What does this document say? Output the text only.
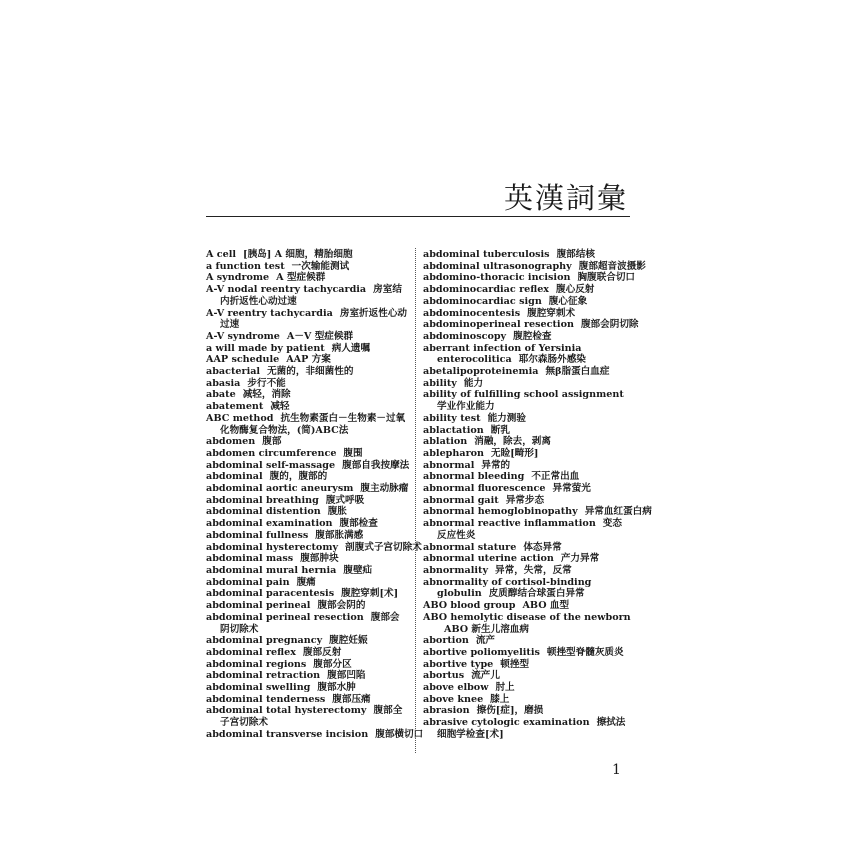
英漢詞彙
A cell [胰岛] A 细胞，精胎细胞
a function test 一次输能测试
A syndrome A 型症候群
A-V nodal reentry tachycardia 房室结内折返性心动过速
A-V reentry tachycardia 房室折返性心动过速
A-V syndrome A－V 型症候群
a will made by patient 病人遗嘱
AAP schedule AAP 方案
abacterial 无菌的，非细菌性的
abasia 步行不能
abate 减轻，消除
abatement 减轻
ABC method 抗生物素蛋白－生物素－过氧化物酶复合物法，(简)ABC法
abdomen 腹部
abdomen circumference 腹围
abdominal self-massage 腹部自我按摩法
abdominal 腹的，腹部的
abdominal aortic aneurysm 腹主动脉瘤
abdominal breathing 腹式呼吸
abdominal distention 腹胀
abdominal examination 腹部检查
abdominal fullness 腹部胀满感
abdominal hysterectomy 剖腹式子宫切除术
abdominal mass 腹部肿块
abdominal mural hernia 腹壁疝
abdominal pain 腹痛
abdominal paracentesis 腹腔穿刺[术]
abdominal perineal 腹部会阴的
abdominal perineal resection 腹部会阴切除术
abdominal pregnancy 腹腔妊娠
abdominal reflex 腹部反射
abdominal regions 腹部分区
abdominal retraction 腹部凹陷
abdominal swelling 腹部水肿
abdominal tenderness 腹部压痛
abdominal total hysterectomy 腹部全子宫切除术
abdominal transverse incision 腹部横切口
abdominal tuberculosis 腹部结核
abdominal ultrasonography 腹部超音波摄影
abdomino-thoracic incision 胸腹联合切口
abdominocardiac reflex 腹心反射
abdominocardiac sign 腹心征象
abdominocentesis 腹腔穿刺术
abdominoperineal resection 腹部会阴切除
abdominoscopy 腹腔检查
aberrant infection of Yersinia enterocolitica 耶尔森肠外感染
abetalipoproteinemia 無β脂蛋白血症
ability 能力
ability of fulfilling school assignment学业作业能力
ability test 能力测验
ablactation 断乳
ablation 消融，除去，剥离
ablepharon 无睑[畸形]
abnormal 异常的
abnormal bleeding 不正常出血
abnormal fluorescence 异常萤光
abnormal gait 异常步态
abnormal hemoglobinopathy 异常血红蛋白病
abnormal reactive inflammation 变态反应性炎
abnormal stature 体态异常
abnormal uterine action 产力异常
abnormality 异常，失常，反常
abnormality of cortisol-binding globulin 皮质醇结合球蛋白异常
ABO blood group ABO 血型
ABO hemolytic disease of the newbornABO 新生儿溶血病
abortion 流产
abortive poliomyelitis 顿挫型脊髓灰质炎
abortive type 顿挫型
abortus 流产儿
above elbow 肘上
above knee 膝上
abrasion 擦伤[症]，磨损
abrasive cytologic examination 擦拭法细胞学检查[术]
1
